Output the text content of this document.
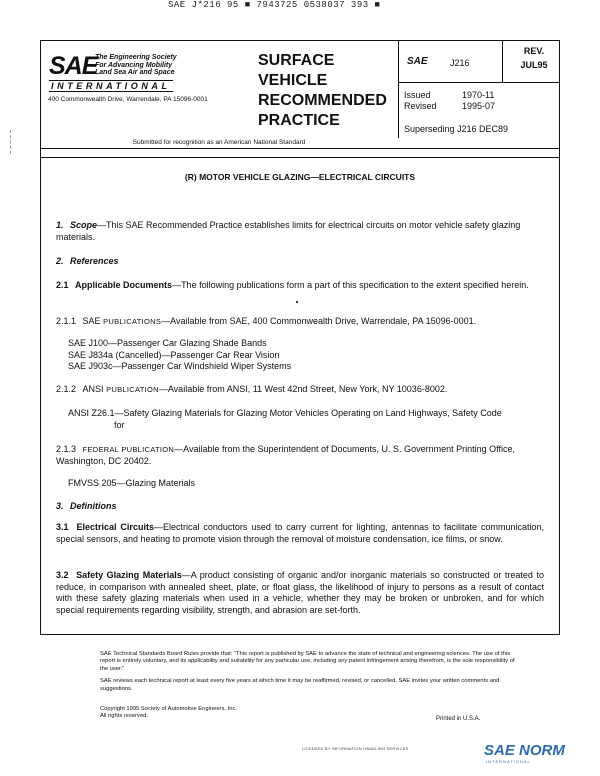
SAE J*216 95 ■ 7943725 0538037 393 ■
SAE
The Engineering Society
For Advancing Mobility
Land Sea Air and Space
INTERNATIONAL
400 Commonwealth Drive, Warrendale, PA 15096-0001
SURFACE
VEHICLE
RECOMMENDED
PRACTICE
SAE J216
REV.
JUL95
Issued	1970-11
Revised	1995-07
Superseding J216 DEC89
Submitted for recognition as an American National Standard
(R) MOTOR VEHICLE GLAZING—ELECTRICAL CIRCUITS
1. Scope—This SAE Recommended Practice establishes limits for electrical circuits on motor vehicle safety glazing materials.
2. References
2.1 Applicable Documents—The following publications form a part of this specification to the extent specified herein.
2.1.1 SAE PUBLICATIONS—Available from SAE, 400 Commonwealth Drive, Warrendale, PA 15096-0001.
SAE J100—Passenger Car Glazing Shade Bands
SAE J834a (Cancelled)—Passenger Car Rear Vision
SAE J903c—Passenger Car Windshield Wiper Systems
2.1.2 ANSI PUBLICATION—Available from ANSI, 11 West 42nd Street, New York, NY 10036-8002.
ANSI Z26.1—Safety Glazing Materials for Glazing Motor Vehicles Operating on Land Highways, Safety Code
for
2.1.3 FEDERAL PUBLICATION—Available from the Superintendent of Documents, U. S. Government Printing Office, Washington, DC 20402.
FMVSS 205—Glazing Materials
3. Definitions
3.1 Electrical Circuits—Electrical conductors used to carry current for lighting, antennas to facilitate communication, special sensors, and heating to promote vision through the removal of moisture condensation, ice films, or snow.
3.2 Safety Glazing Materials—A product consisting of organic and/or inorganic materials so constructed or treated to reduce, in comparison with annealed sheet, plate, or float glass, the likelihood of injury to persons as a result of contact with these safety glazing materials when used in a vehicle, whether they may be broken or unbroken, and for which special requirements regarding visibility, strength, and abrasion are set-forth.

SAE Technical Standards Board Rules provide that: "This report is published by SAE to advance the state of technical and engineering sciences. The use of this report is entirely voluntary, and its applicability and suitability for any particular use, including any patent infringement arising therefrom, is the sole responsibility of the user."

SAE reviews each technical report at least every five years at which time it may be reaffirmed, revised, or cancelled. SAE invites your written comments and suggestions.

Copyright 1995 Society of Automotive Engineers, Inc.
All rights reserved.	Printed in U.S.A.
LICENSED BY INFORMATION HANDLING SERVICES	SAE NORM
INTERNATIONAL
